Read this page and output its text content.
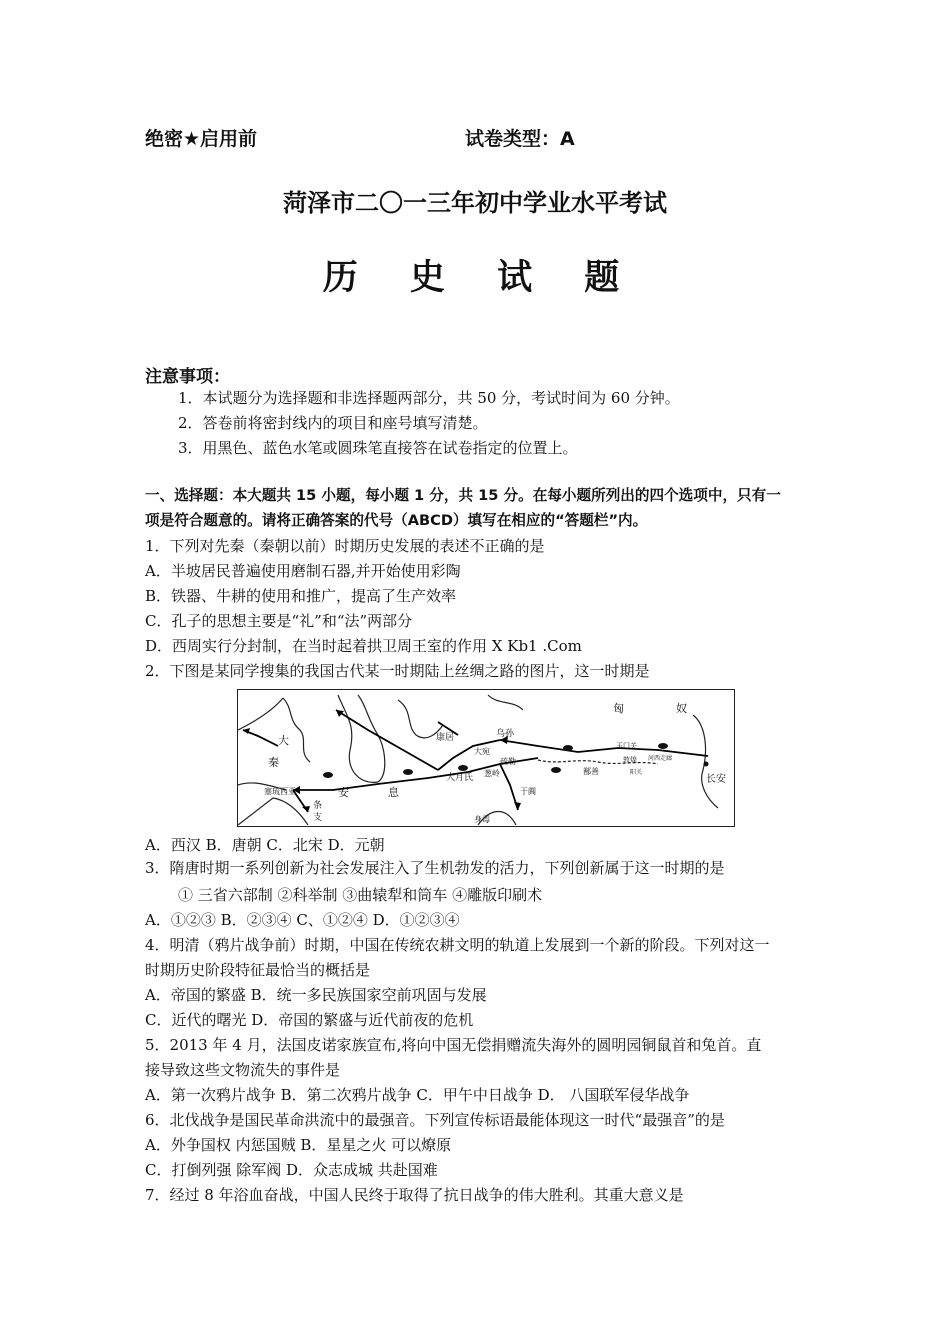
绝密★启用前	试卷类型：A
菏泽市二〇一三年初中学业水平考试
历 史 试 题
注意事项：
1．本试题分为选择题和非选择题两部分，共 50 分，考试时间为 60 分钟。
2．答卷前将密封线内的项目和座号填写清楚。
3．用黑色、蓝色水笔或圆珠笔直接答在试卷指定的位置上。
一、选择题：本大题共 15 小题，每小题 1 分，共 15 分。在每小题所列出的四个选项中，只有一
项是符合题意的。请将正确答案的代号（ABCD）填写在相应的“答题栏”内。
1．下列对先秦（秦朝以前）时期历史发展的表述不正确的是
A．半坡居民普遍使用磨制石器,并开始使用彩陶
B．铁器、牛耕的使用和推广，提高了生产效率
C．孔子的思想主要是“礼”和“法”两部分
D．西周实行分封制，在当时起着拱卫周王室的作用 X Kb1 .Com
2．下图是某同学搜集的我国古代某一时期陆上丝绸之路的图片，这一时期是
匈	奴
大
秦
康居	乌孙
大宛
玉门关
敦煌 河西走廊
阳关
疏勒
鄯善
大月氏 葱岭
长安
塞琉西亚	安	息
条
支
于阗
身毒
A．西汉 B．唐朝 C．北宋 D．元朝
3．隋唐时期一系列创新为社会发展注入了生机勃发的活力，下列创新属于这一时期的是
① 三省六部制 ②科举制 ③曲辕犁和筒车 ④雕版印刷术
A．①②③ B．②③④ C、①②④ D．①②③④
4．明清（鸦片战争前）时期，中国在传统农耕文明的轨道上发展到一个新的阶段。下列对这一
时期历史阶段特征最恰当的概括是
A．帝国的繁盛 B．统一多民族国家空前巩固与发展
C．近代的曙光 D．帝国的繁盛与近代前夜的危机
5．2013 年 4 月，法国皮诺家族宣布,将向中国无偿捐赠流失海外的圆明园铜鼠首和兔首。直
接导致这些文物流失的事件是
A．第一次鸦片战争 B．第二次鸦片战争 C．甲午中日战争 D． 八国联军侵华战争
6．北伐战争是国民革命洪流中的最强音。下列宣传标语最能体现这一时代“最强音”的是
A．外争国权 内惩国贼 B．星星之火 可以燎原
C．打倒列强 除军阀 D．众志成城 共赴国难
7．经过 8 年浴血奋战，中国人民终于取得了抗日战争的伟大胜利。其重大意义是
